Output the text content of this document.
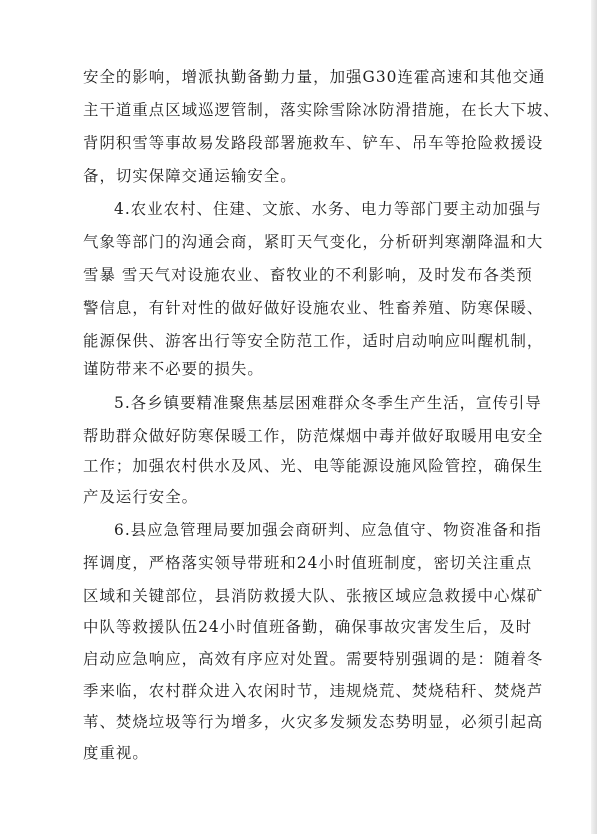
安全的影响，增派执勤备勤力量，加强G30连霍高速和其他交通
主干道重点区域巡逻管制，落实除雪除冰防滑措施，在长大下坡、
背阴积雪等事故易发路段部署施救车、铲车、吊车等抢险救援设
备，切实保障交通运输安全。
4.农业农村、住建、文旅、水务、电力等部门要主动加强与
气象等部门的沟通会商，紧盯天气变化，分析研判寒潮降温和大
雪暴 雪天气对设施农业、畜牧业的不利影响，及时发布各类预
警信息，有针对性的做好做好设施农业、牲畜养殖、防寒保暖、
能源保供、游客出行等安全防范工作，适时启动响应叫醒机制，
谨防带来不必要的损失。
5.各乡镇要精准聚焦基层困难群众冬季生产生活，宣传引导
帮助群众做好防寒保暖工作，防范煤烟中毒并做好取暖用电安全
工作；加强农村供水及风、光、电等能源设施风险管控，确保生
产及运行安全。
6.县应急管理局要加强会商研判、应急值守、物资准备和指
挥调度，严格落实领导带班和24小时值班制度，密切关注重点
区域和关键部位，县消防救援大队、张掖区域应急救援中心煤矿
中队等救援队伍24小时值班备勤，确保事故灾害发生后，及时
启动应急响应，高效有序应对处置。需要特别强调的是：随着冬
季来临，农村群众进入农闲时节，违规烧荒、焚烧秸秆、焚烧芦
苇、焚烧垃圾等行为增多，火灾多发频发态势明显，必须引起高
度重视。
